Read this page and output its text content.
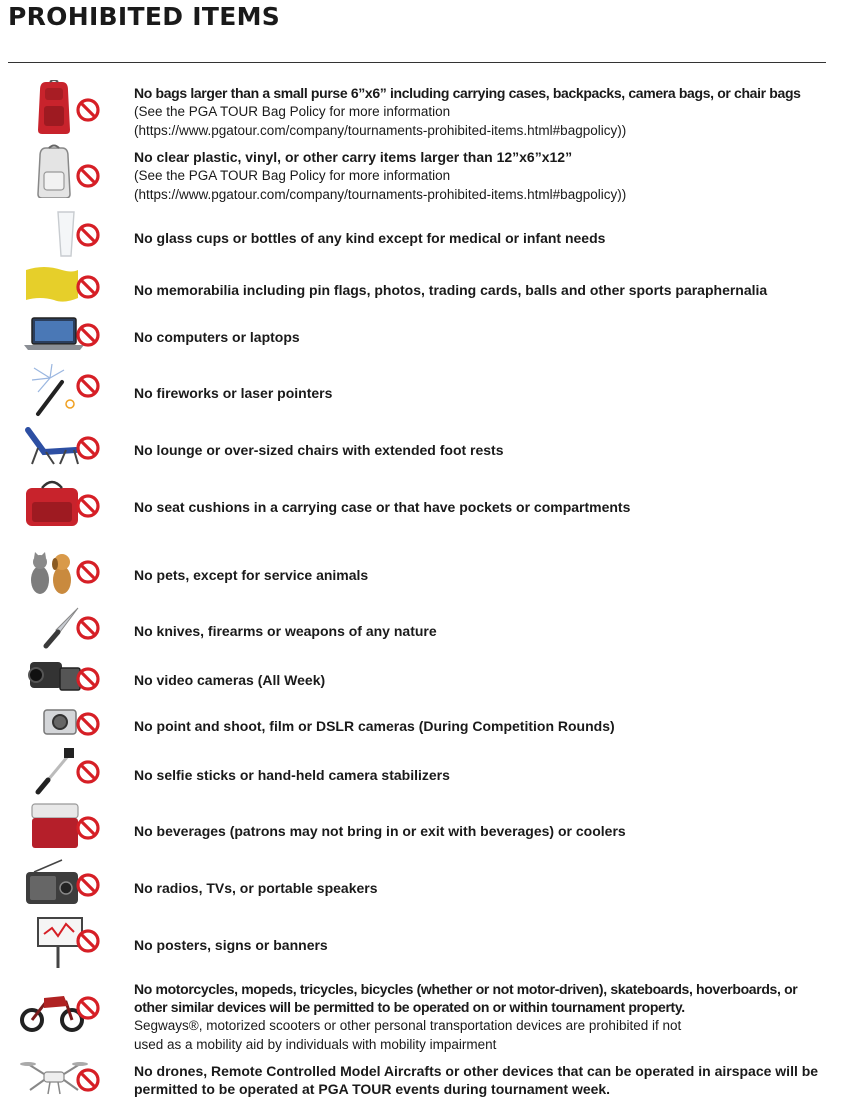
PROHIBITED ITEMS
No bags larger than a small purse 6”x6” including carrying cases, backpacks, camera bags, or chair bags
(See the PGA TOUR Bag Policy for more information
(https://www.pgatour.com/company/tournaments-prohibited-items.html#bagpolicy))
No clear plastic, vinyl, or other carry items larger than 12”x6”x12”
(See the PGA TOUR Bag Policy for more information
(https://www.pgatour.com/company/tournaments-prohibited-items.html#bagpolicy))
No glass cups or bottles of any kind except for medical or infant needs
No memorabilia including pin flags, photos, trading cards, balls and other sports paraphernalia
No computers or laptops
No fireworks or laser pointers
No lounge or over-sized chairs with extended foot rests
No seat cushions in a carrying case or that have pockets or compartments
No pets, except for service animals
No knives, firearms or weapons of any nature
No video cameras (All Week)
No point and shoot, film or DSLR cameras (During Competition Rounds)
No selfie sticks or hand-held camera stabilizers
No beverages (patrons may not bring in or exit with beverages) or coolers
No radios, TVs, or portable speakers
No posters, signs or banners
No motorcycles, mopeds, tricycles, bicycles (whether or not motor-driven), skateboards, hoverboards, or other similar devices will be permitted to be operated on or within tournament property.
Segways®, motorized scooters or other personal transportation devices are prohibited if not
used as a mobility aid by individuals with mobility impairment
No drones, Remote Controlled Model Aircrafts or other devices that can be operated in airspace will be permitted to be operated at PGA TOUR events during tournament week.
